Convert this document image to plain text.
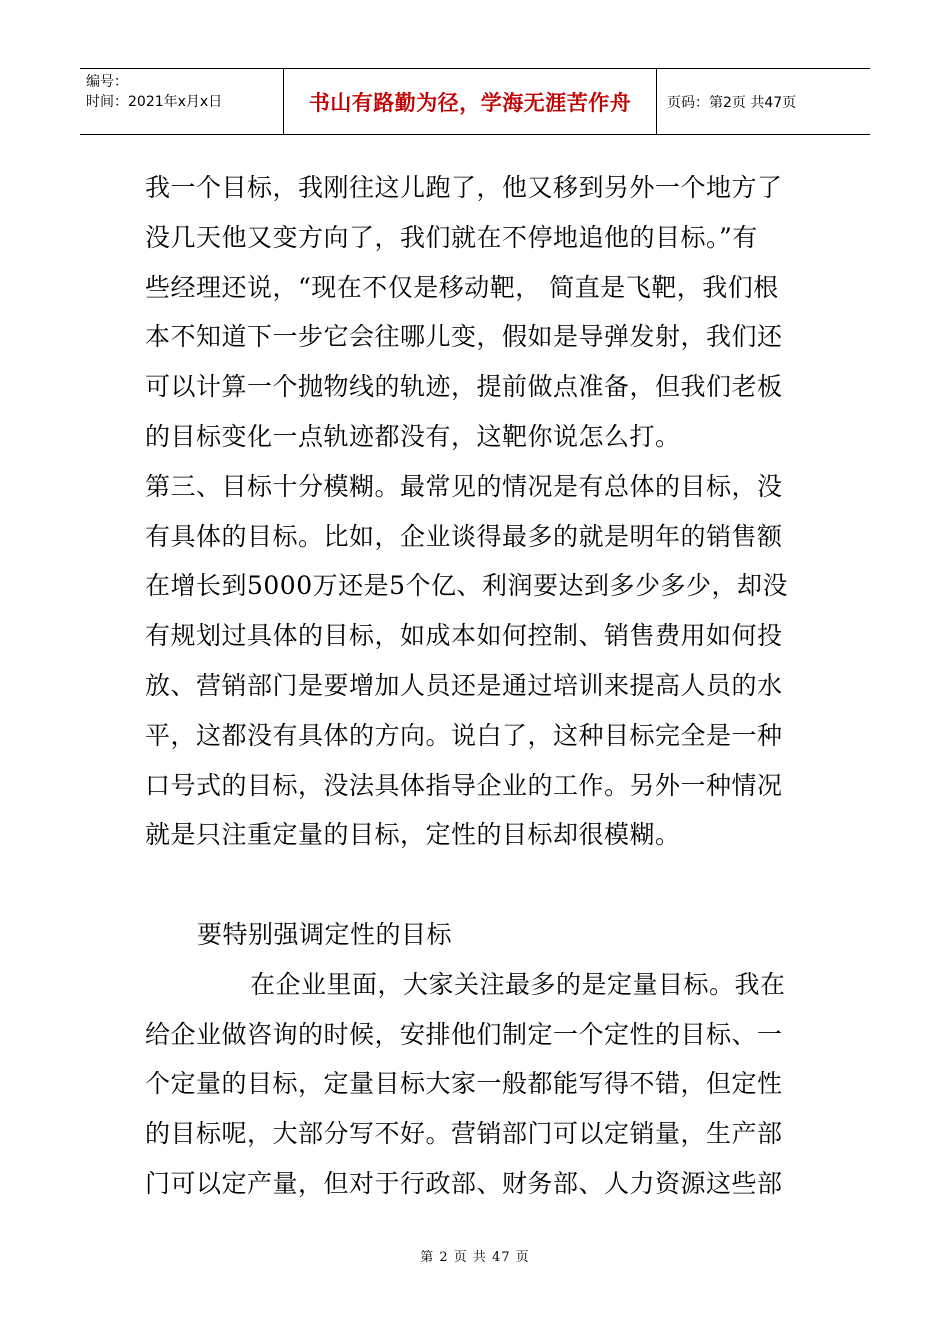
编号：
时间：2021年x月x日	书山有路勤为径，学海无涯苦作舟	页码：第2页 共47页
我一个目标，我刚往这儿跑了，他又移到另外一个地方了
没几天他又变方向了，我们就在不停地追他的目标。”有
些经理还说，“现在不仅是移动靶， 简直是飞靶，我们根
本不知道下一步它会往哪儿变，假如是导弹发射，我们还
可以计算一个抛物线的轨迹，提前做点准备，但我们老板
的目标变化一点轨迹都没有，这靶你说怎么打。
第三、目标十分模糊。最常见的情况是有总体的目标，没
有具体的目标。比如，企业谈得最多的就是明年的销售额
在增长到5000万还是5个亿、利润要达到多少多少，却没
有规划过具体的目标，如成本如何控制、销售费用如何投
放、营销部门是要增加人员还是通过培训来提高人员的水
平，这都没有具体的方向。说白了，这种目标完全是一种
口号式的目标，没法具体指导企业的工作。另外一种情况
就是只注重定量的目标，定性的目标却很模糊。
要特别强调定性的目标
在企业里面，大家关注最多的是定量目标。我在
给企业做咨询的时候，安排他们制定一个定性的目标、一
个定量的目标，定量目标大家一般都能写得不错，但定性
的目标呢，大部分写不好。营销部门可以定销量，生产部
门可以定产量，但对于行政部、财务部、人力资源这些部
第 2 页 共 47 页
